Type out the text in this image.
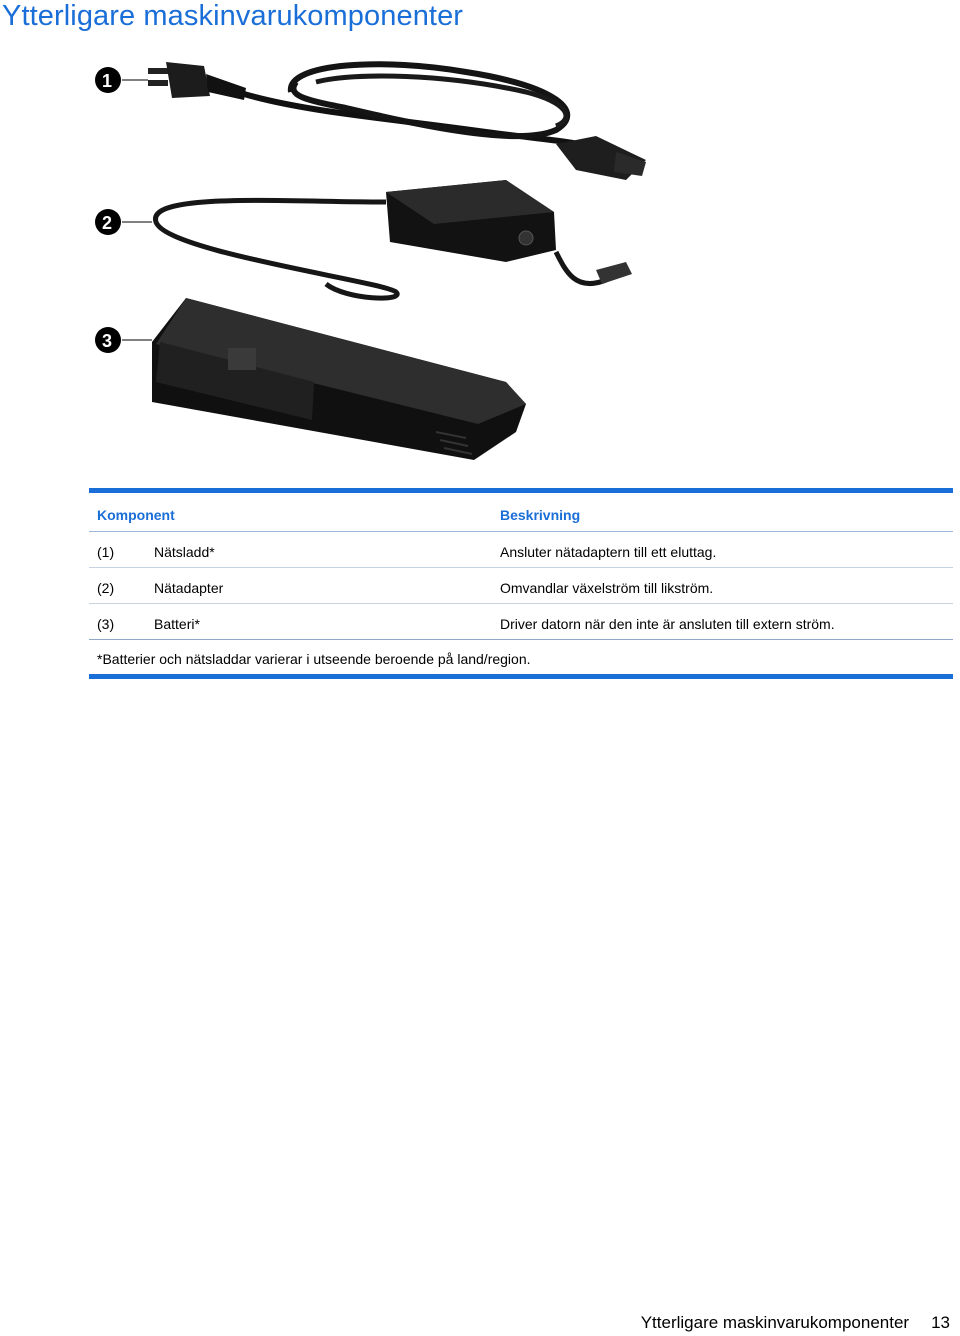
Ytterligare maskinvarukomponenter
1
2
3
Komponent	Beskrivning
(1)	Nätsladd*	Ansluter nätadaptern till ett eluttag.
(2)	Nätadapter	Omvandlar växelström till likström.
(3)	Batteri*	Driver datorn när den inte är ansluten till extern ström.
*Batterier och nätsladdar varierar i utseende beroende på land/region.
Ytterligare maskinvarukomponenter 13
